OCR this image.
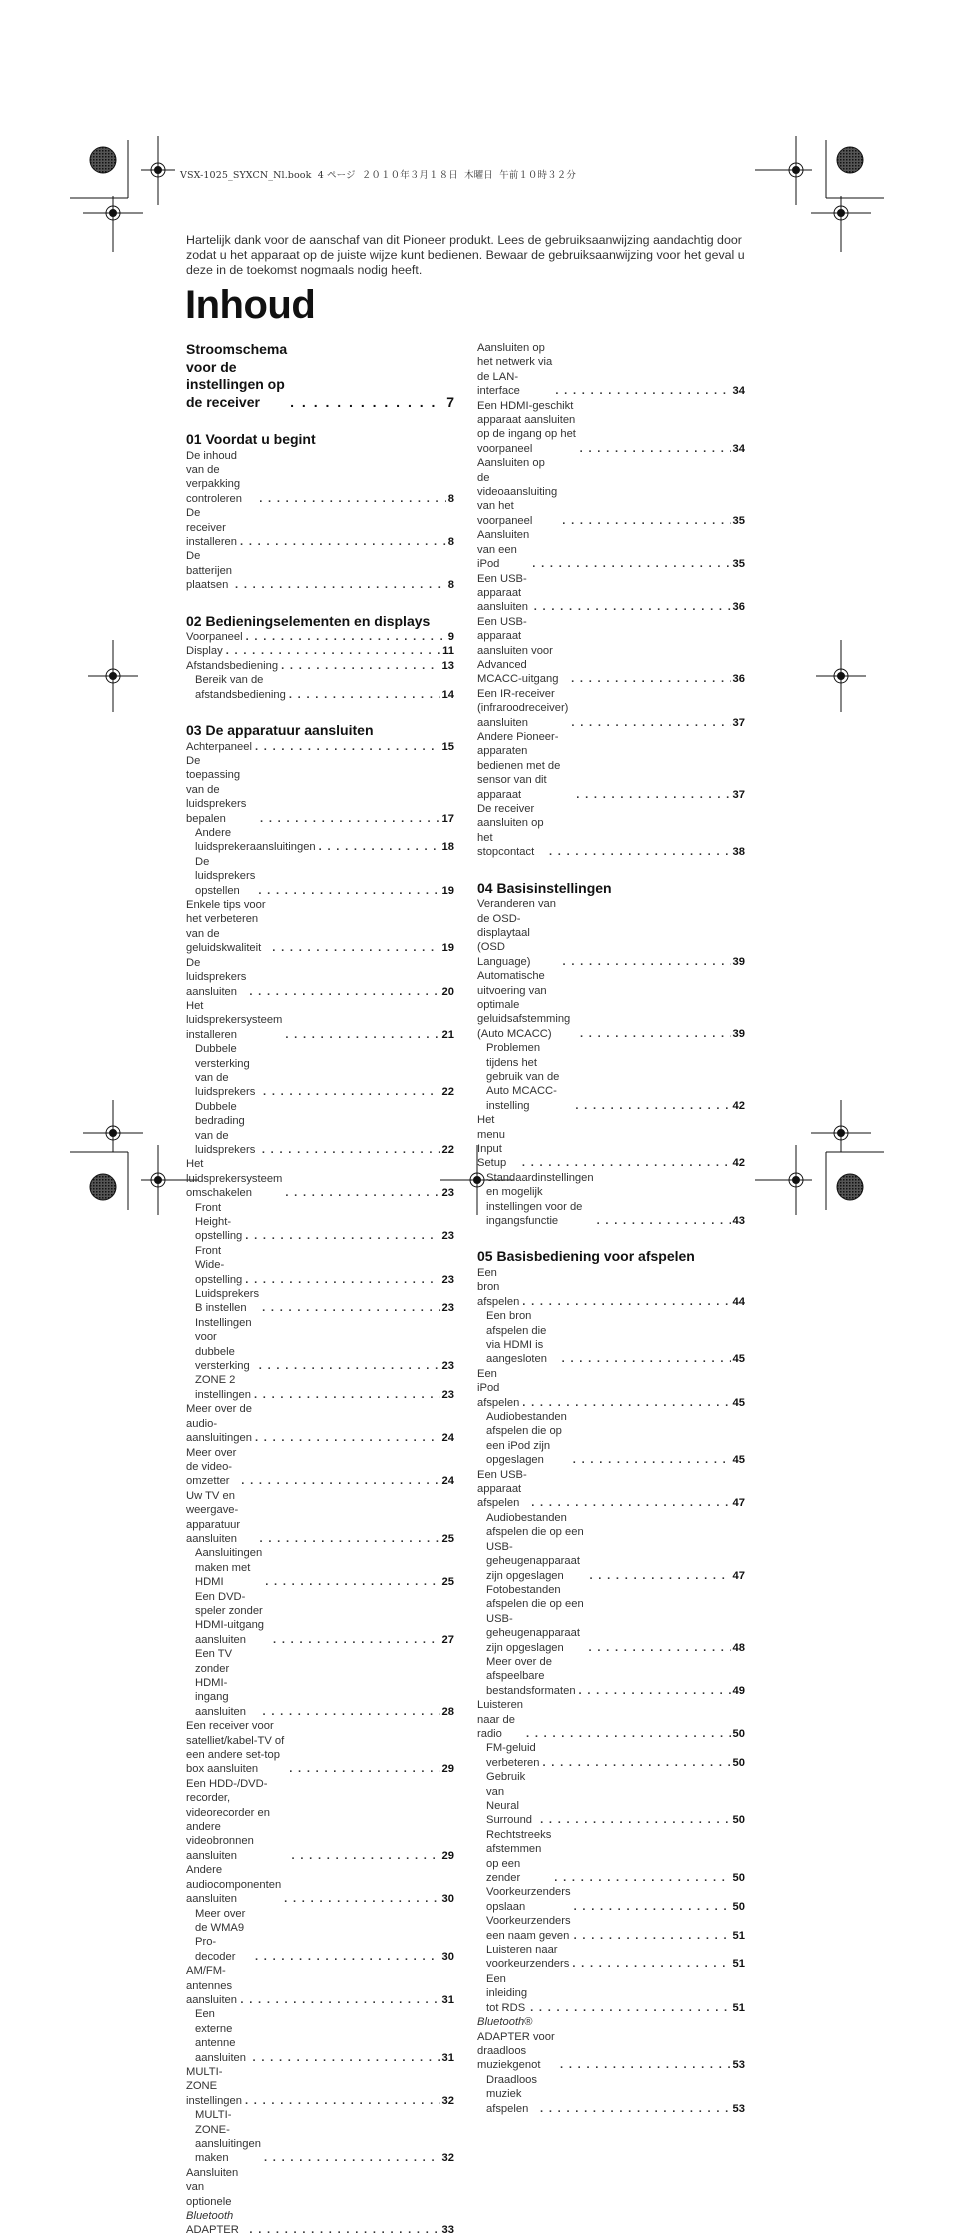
VSX-1025_SYXCN_Nl.book  4 ページ  ２０１０年３月１８日  木曜日  午前１０時３２分

Hartelijk dank voor de aanschaf van dit Pioneer produkt. Lees de gebruiksaanwijzing aandachtig door zodat u het apparaat op de juiste wijze kunt bedienen. Bewaar de gebruiksaanwijzing voor het geval u deze in de toekomst nogmaals nodig heeft.

Inhoud
Stroomschema voor de instellingen op de receiver . . .	7
01 Voordat u begint
De inhoud van de verpakking controleren . . .	8
De receiver installeren . . .	8
De batterijen plaatsen . . .	8
02 Bedieningselementen en displays
Voorpaneel . . .	9
Display . . .	11
Afstandsbediening . . .	13
Bereik van de afstandsbediening . . .	14
03 De apparatuur aansluiten
Achterpaneel . . .	15
De toepassing van de luidsprekers bepalen . . .	17
Andere luidsprekeraansluitingen . . .	18
De luidsprekers opstellen . . .	19
Enkele tips voor het verbeteren van de geluidskwaliteit . . .	19
De luidsprekers aansluiten . . .	20
Het luidsprekersysteem installeren . . .	21
Dubbele versterking van de luidsprekers . . .	22
Dubbele bedrading van de luidsprekers . . .	22
Het luidsprekersysteem omschakelen . . .	23
Front Height-opstelling . . .	23
Front Wide-opstelling . . .	23
Luidsprekers B instellen . . .	23
Instellingen voor dubbele versterking . . .	23
ZONE 2 instellingen . . .	23
Meer over de audio-aansluitingen . . .	24
Meer over de video-omzetter . . .	24
Uw TV en weergave-apparatuur aansluiten . . .	25
Aansluitingen maken met HDMI . . .	25
Een DVD-speler zonder HDMI-uitgang aansluiten . . .	27
Een TV zonder HDMI-ingang aansluiten . . .	28
Een receiver voor satelliet/kabel-TV of een andere set-top box aansluiten . . .	29
Een HDD-/DVD-recorder, videorecorder en andere videobronnen aansluiten . . .	29
Andere audiocomponenten aansluiten . . .	30
Meer over de WMA9 Pro-decoder . . .	30
AM/FM-antennes aansluiten . . .	31
Een externe antenne aansluiten . . .	31
MULTI-ZONE instellingen . . .	32
MULTI-ZONE-aansluitingen maken . . .	32
Aansluiten van optionele Bluetooth
ADAPTER . . .	33
Aansluiten op het netwerk via de LAN-interface . . .	34
Een HDMI-geschikt apparaat aansluiten op de ingang op het voorpaneel . . .	34
Aansluiten op de videoaansluiting van het voorpaneel . . .	35
Aansluiten van een iPod . . .	35
Een USB-apparaat aansluiten . . .	36
Een USB-apparaat aansluiten voor Advanced MCACC-uitgang . . .	36
Een IR-receiver (infraroodreceiver) aansluiten . . .	37
Andere Pioneer-apparaten bedienen met de sensor van dit apparaat . . .	37
De receiver aansluiten op het stopcontact . . .	38
04 Basisinstellingen
Veranderen van de OSD-displaytaal (OSD Language) . . .	39
Automatische uitvoering van optimale geluidsafstemming (Auto MCACC) . . .	39
Problemen tijdens het gebruik van de Auto MCACC-instelling . . .	42
Het menu Input Setup . . .	42
Standaardinstellingen en mogelijk instellingen voor de ingangsfunctie . . .	43
05 Basisbediening voor afspelen
Een bron afspelen . . .	44
Een bron afspelen die via HDMI is aangesloten . . .	45
Een iPod afspelen . . .	45
Audiobestanden afspelen die op een iPod zijn opgeslagen . . .	45
Een USB-apparaat afspelen . . .	47
Audiobestanden afspelen die op een USB-geheugenapparaat zijn opgeslagen . . .	47
Fotobestanden afspelen die op een USB-geheugenapparaat zijn opgeslagen . . .	48
Meer over de afspeelbare bestandsformaten . . .	49
Luisteren naar de radio . . .	50
FM-geluid verbeteren . . .	50
Gebruik van Neural Surround . . .	50
Rechtstreeks afstemmen op een zender . . .	50
Voorkeurzenders opslaan . . .	50
Voorkeurzenders een naam geven . . .	51
Luisteren naar voorkeurzenders . . .	51
Een inleiding tot RDS . . .	51
Bluetooth® ADAPTER voor draadloos muziekgenot . . .	53
Draadloos muziek afspelen . . .	53
